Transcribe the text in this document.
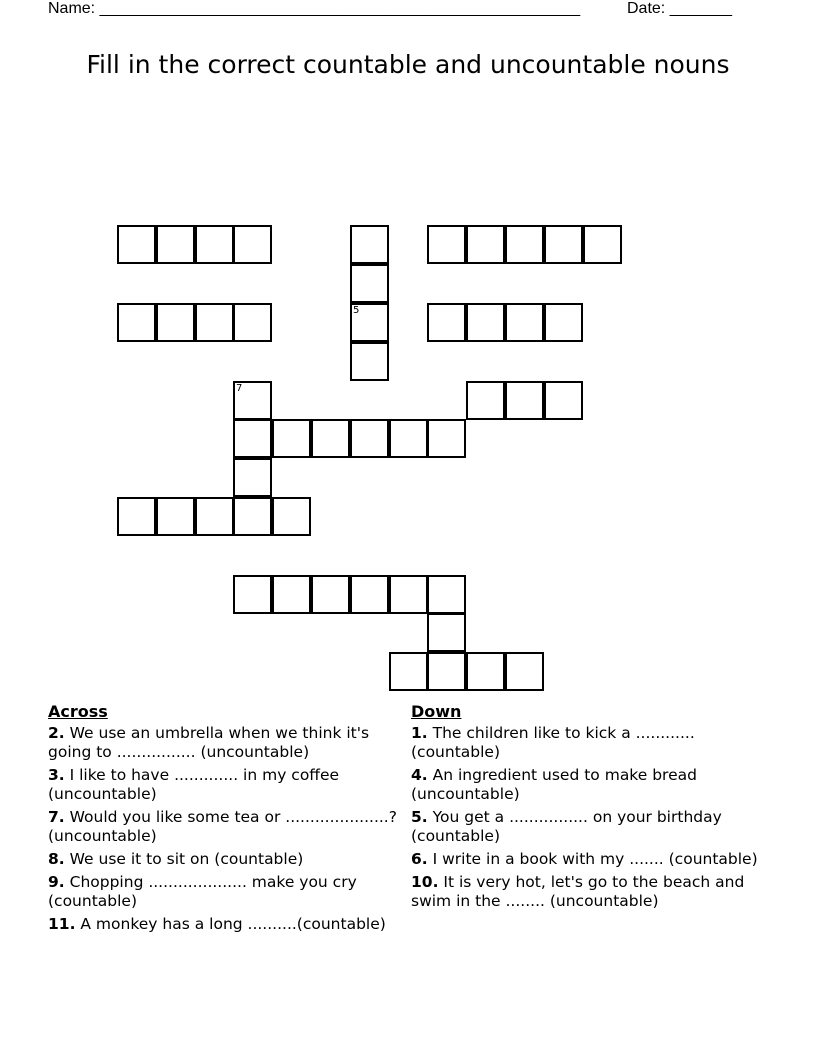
Name: ______________________________________________________	Date: _______
Fill in the correct countable and uncountable nouns
7
5
Across
2. We use an umbrella when we think it's going to ................ (uncountable)
3. I like to have ............. in my coffee (uncountable)
7. Would you like some tea or .....................? (uncountable)
8. We use it to sit on (countable)
9. Chopping .................... make you cry (countable)
11. A monkey has a long ..........(countable)
Down
1. The children like to kick a ............ (countable)
4. An ingredient used to make bread (uncountable)
5. You get a ................ on your birthday (countable)
6. I write in a book with my ....... (countable)
10. It is very hot, let's go to the beach and swim in the ........ (uncountable)
